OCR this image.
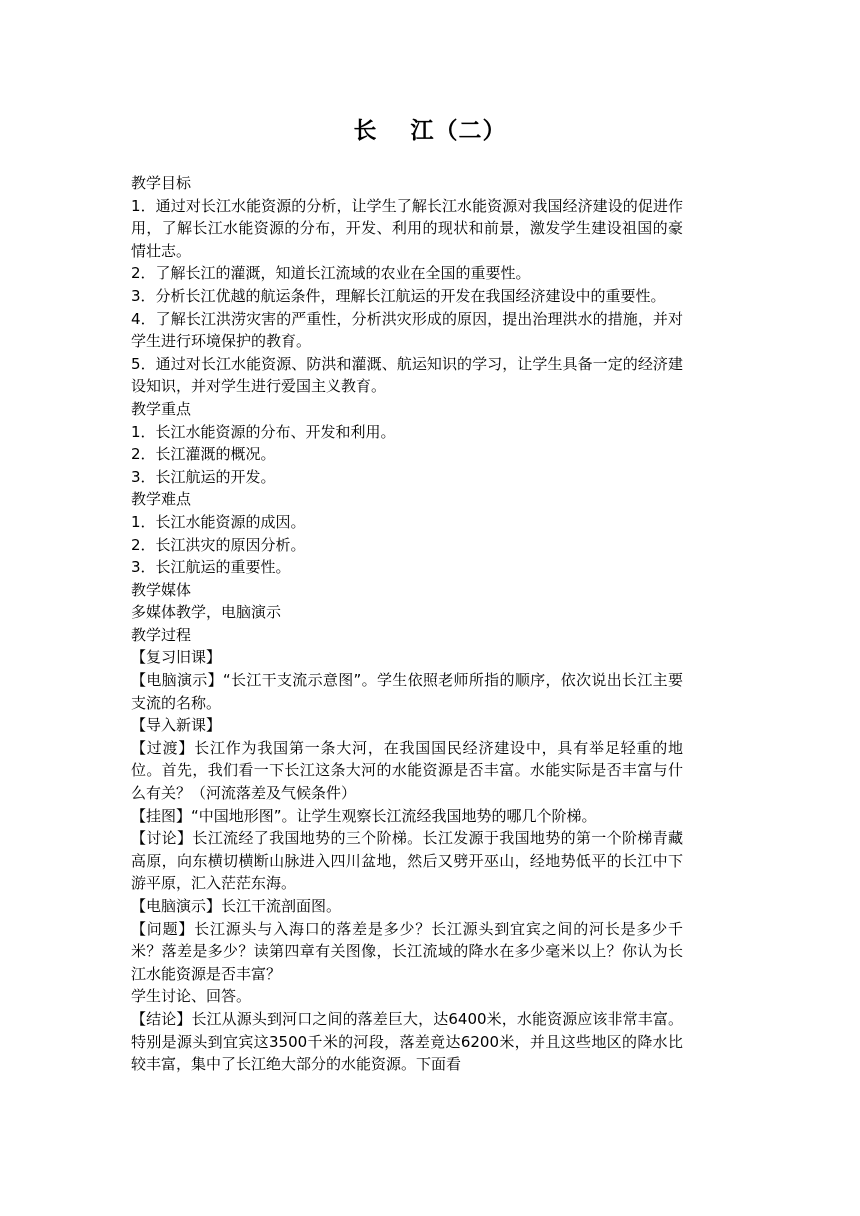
长　 江（二）

教学目标

1．通过对长江水能资源的分析，让学生了解长江水能资源对我国经济建设的促进作用，了解长江水能资源的分布，开发、利用的现状和前景，激发学生建设祖国的豪情壮志。

2．了解长江的灌溉，知道长江流域的农业在全国的重要性。

3．分析长江优越的航运条件，理解长江航运的开发在我国经济建设中的重要性。

4．了解长江洪涝灾害的严重性，分析洪灾形成的原因，提出治理洪水的措施，并对学生进行环境保护的教育。

5．通过对长江水能资源、防洪和灌溉、航运知识的学习，让学生具备一定的经济建设知识，并对学生进行爱国主义教育。

教学重点

1．长江水能资源的分布、开发和利用。

2．长江灌溉的概况。

3．长江航运的开发。

教学难点

1．长江水能资源的成因。

2．长江洪灾的原因分析。

3．长江航运的重要性。

教学媒体

多媒体教学，电脑演示

教学过程

【复习旧课】

【电脑演示】“长江干支流示意图”。学生依照老师所指的顺序，依次说出长江主要支流的名称。

【导入新课】

【过渡】长江作为我国第一条大河，在我国国民经济建设中，具有举足轻重的地位。首先，我们看一下长江这条大河的水能资源是否丰富。水能实际是否丰富与什么有关？（河流落差及气候条件）

【挂图】“中国地形图”。让学生观察长江流经我国地势的哪几个阶梯。

【讨论】长江流经了我国地势的三个阶梯。长江发源于我国地势的第一个阶梯青藏高原，向东横切横断山脉进入四川盆地，然后又劈开巫山，经地势低平的长江中下游平原，汇入茫茫东海。

【电脑演示】长江干流剖面图。

【问题】长江源头与入海口的落差是多少？长江源头到宜宾之间的河长是多少千米？落差是多少？读第四章有关图像，长江流域的降水在多少毫米以上？你认为长江水能资源是否丰富？

学生讨论、回答。

【结论】长江从源头到河口之间的落差巨大，达6400米，水能资源应该非常丰富。特别是源头到宜宾这3500千米的河段，落差竟达6200米，并且这些地区的降水比较丰富，集中了长江绝大部分的水能资源。下面看
